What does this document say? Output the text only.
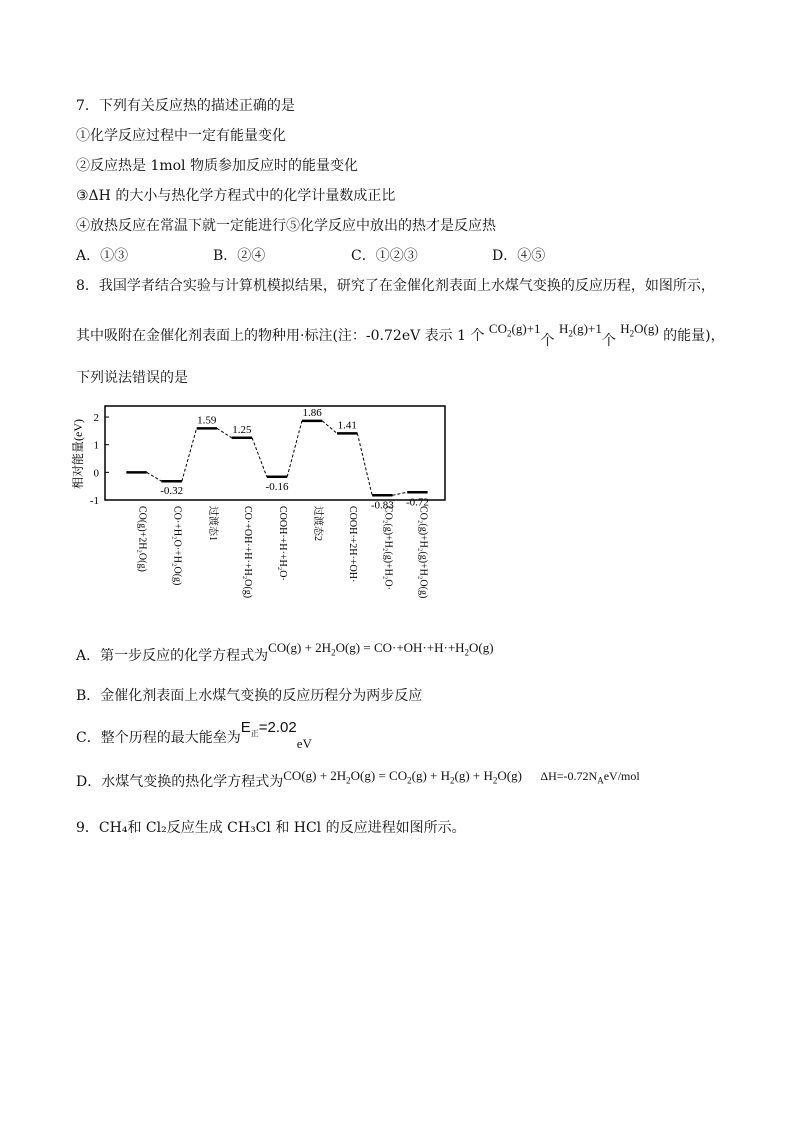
7．下列有关反应热的描述正确的是
①化学反应过程中一定有能量变化
②反应热是 1mol 物质参加反应时的能量变化
③ΔH 的大小与热化学方程式中的化学计量数成正比
④放热反应在常温下就一定能进行⑤化学反应中放出的热才是反应热
A．①③	B．②④	C．①②③	D．④⑤
8．我国学者结合实验与计算机模拟结果，研究了在金催化剂表面上水煤气变换的反应历程，如图所示，
其中吸附在金催化剂表面上的物种用·标注(注：-0.72eV 表示 1 个 $CO_2(g)+1$个 $H_2(g)+1$个 $H_2O(g)$ 的能量)，
下列说法错误的是
相对能量(eV)
-1
0
1
2
CO(g)+2H₂O(g)
-0.32
CO·+H₂O·+H₂O(g)
1.59
过渡态1
1.25
CO·+OH·+H·+H₂O(g)
-0.16
COOH·+H·+H₂O·
1.86
过渡态2
1.41
COOH·+2H·+OH·
-0.83
CO₂(g)+H₂(g)+H₂O·
-0.72
CO₂(g)+H₂(g)+H₂O(g)
A．第一步反应的化学方程式为$CO(g) + 2H_2O(g) = CO\cdot+OH\cdot+H\cdot+H_2O(g)$
B．金催化剂表面上水煤气变换的反应历程分为两步反应
C．整个历程的最大能垒为$E_正=2.02eV$
D．水煤气变换的热化学方程式为$CO(g) + 2H_2O(g) = CO_2(g) + H_2(g) + H_2O(g)$ $\Delta H=-0.72N_AeV$/mol
9．CH₄和 Cl₂反应生成 CH₃Cl 和 HCl 的反应进程如图所示。
